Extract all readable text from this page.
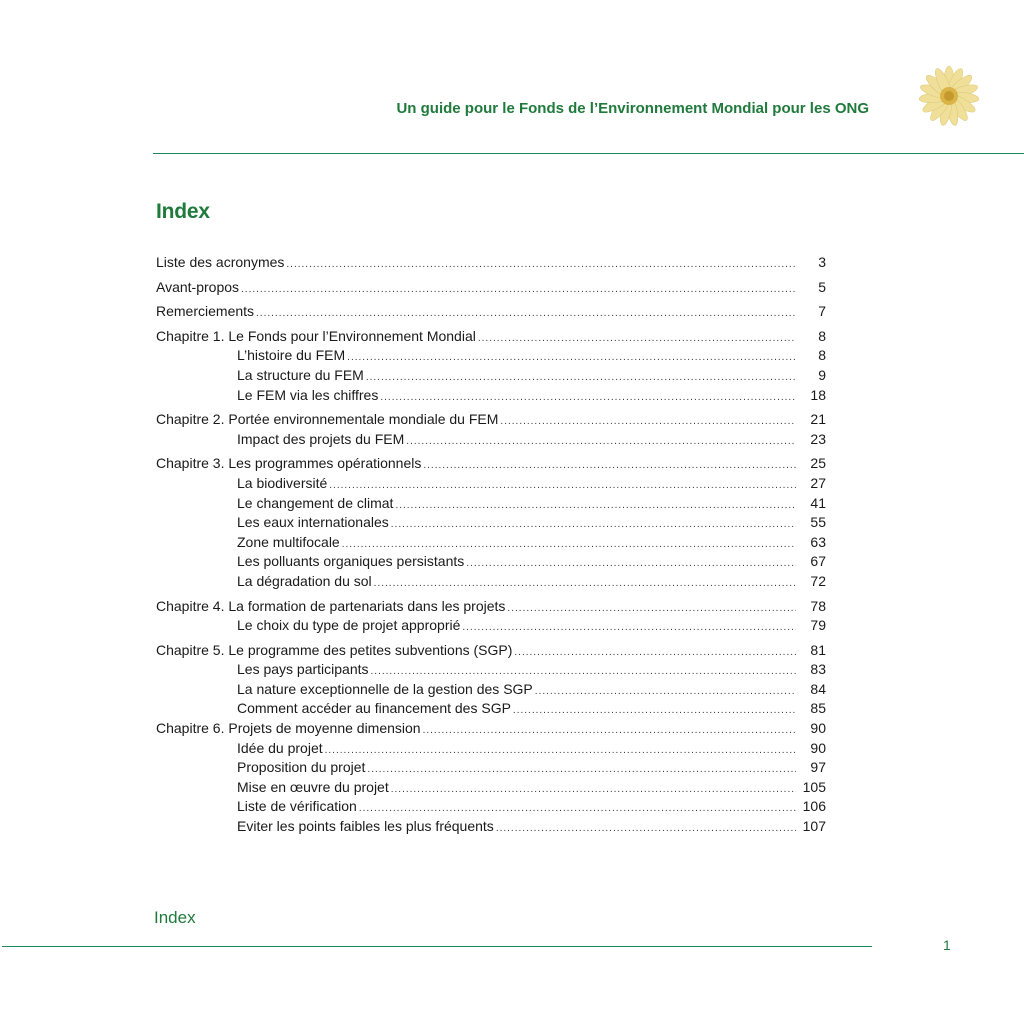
Un guide pour le Fonds de l’Environnement Mondial pour les ONG
Index
Liste des acronymes .....	3
Avant-propos .....	5
Remerciements .....	7
Chapitre 1. Le Fonds pour l’Environnement Mondial .....	8
L’histoire du FEM .....	8
La structure du FEM .....	9
Le FEM via les chiffres .....	18
Chapitre 2. Portée environnementale mondiale du FEM .....	21
Impact des projets du FEM .....	23
Chapitre 3. Les programmes opérationnels .....	25
La biodiversité .....	27
Le changement de climat .....	41
Les eaux internationales .....	55
Zone multifocale .....	63
Les polluants organiques persistants .....	67
La dégradation du sol .....	72
Chapitre 4. La formation de partenariats dans les projets .....	78
Le choix du type de projet approprié .....	79
Chapitre 5. Le programme des petites subventions (SGP) .....	81
Les pays participants .....	83
La nature exceptionnelle de la gestion des SGP .....	84
Comment accéder au financement des SGP .....	85
Chapitre 6. Projets de moyenne dimension .....	90
Idée du projet .....	90
Proposition du projet .....	97
Mise en œuvre du projet .....	105
Liste de vérification .....	106
Eviter les points faibles les plus fréquents .....	107
Index
1
